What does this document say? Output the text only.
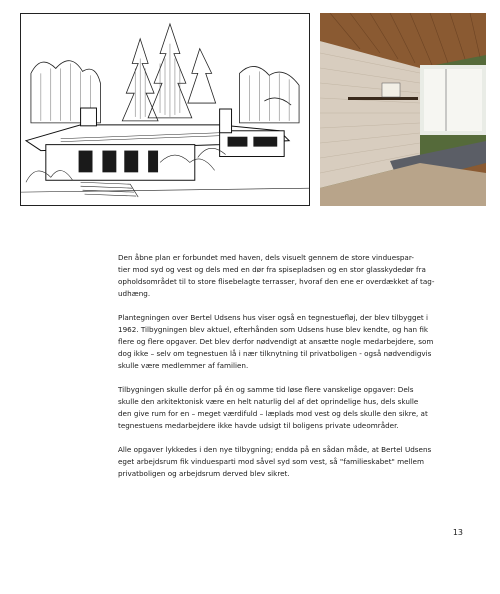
Den åbne plan er forbundet med haven, dels visuelt gennem de store vinduespar-
tier mod syd og vest og dels med en dør fra spisepladsen og en stor glasskydedør fra
opholdsområdet til to store flisebelagte terrasser, hvoraf den ene er overdækket af tag-
udhæng.

Plantegningen over Bertel Udsens hus viser også en tegnestuefløj, der blev tilbygget i
1962. Tilbygningen blev aktuel, efterhånden som Udsens huse blev kendte, og han fik
flere og flere opgaver. Det blev derfor nødvendigt at ansætte nogle medarbejdere, som
dog ikke – selv om tegnestuen lå i nær tilknytning til privatboligen - også nødvendigvis
skulle være medlemmer af familien.

Tilbygningen skulle derfor på én og samme tid løse flere vanskelige opgaver: Dels
skulle den arkitektonisk være en helt naturlig del af det oprindelige hus, dels skulle
den give rum for en – meget værdifuld – læplads mod vest og dels skulle den sikre, at
tegnestuens medarbejdere ikke havde udsigt til boligens private udeområder.

Alle opgaver lykkedes i den nye tilbygning; endda på en sådan måde, at Bertel Udsens
eget arbejdsrum fik vinduesparti mod såvel syd som vest, så "familieskabet" mellem
privatboligen og arbejdsrum derved blev sikret.

13
